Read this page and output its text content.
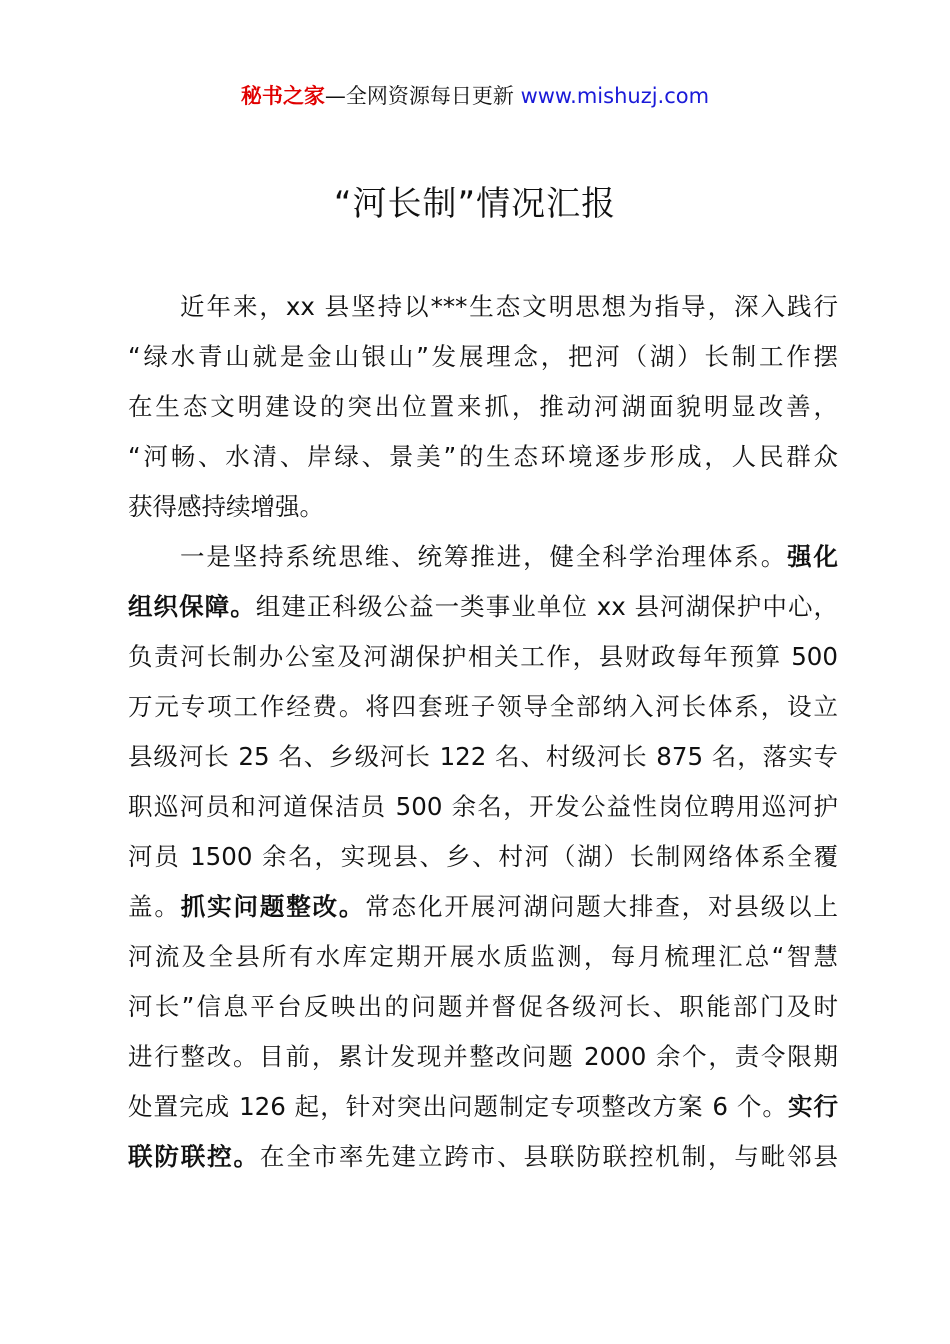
秘书之家—全网资源每日更新 www.mishuzj.com
“河长制”情况汇报
近年来，xx 县坚持以***生态文明思想为指导，深入践行
“绿水青山就是金山银山”发展理念，把河（湖）长制工作摆
在生态文明建设的突出位置来抓，推动河湖面貌明显改善，
“河畅、水清、岸绿、景美”的生态环境逐步形成，人民群众
获得感持续增强。
一是坚持系统思维、统筹推进，健全科学治理体系。强化
组织保障。组建正科级公益一类事业单位 xx 县河湖保护中心，
负责河长制办公室及河湖保护相关工作，县财政每年预算 500
万元专项工作经费。将四套班子领导全部纳入河长体系，设立
县级河长 25 名、乡级河长 122 名、村级河长 875 名，落实专
职巡河员和河道保洁员 500 余名，开发公益性岗位聘用巡河护
河员 1500 余名，实现县、乡、村河（湖）长制网络体系全覆
盖。抓实问题整改。常态化开展河湖问题大排查，对县级以上
河流及全县所有水库定期开展水质监测，每月梳理汇总“智慧
河长”信息平台反映出的问题并督促各级河长、职能部门及时
进行整改。目前，累计发现并整改问题 2000 余个，责令限期
处置完成 126 起，针对突出问题制定专项整改方案 6 个。实行
联防联控。在全市率先建立跨市、县联防联控机制，与毗邻县
